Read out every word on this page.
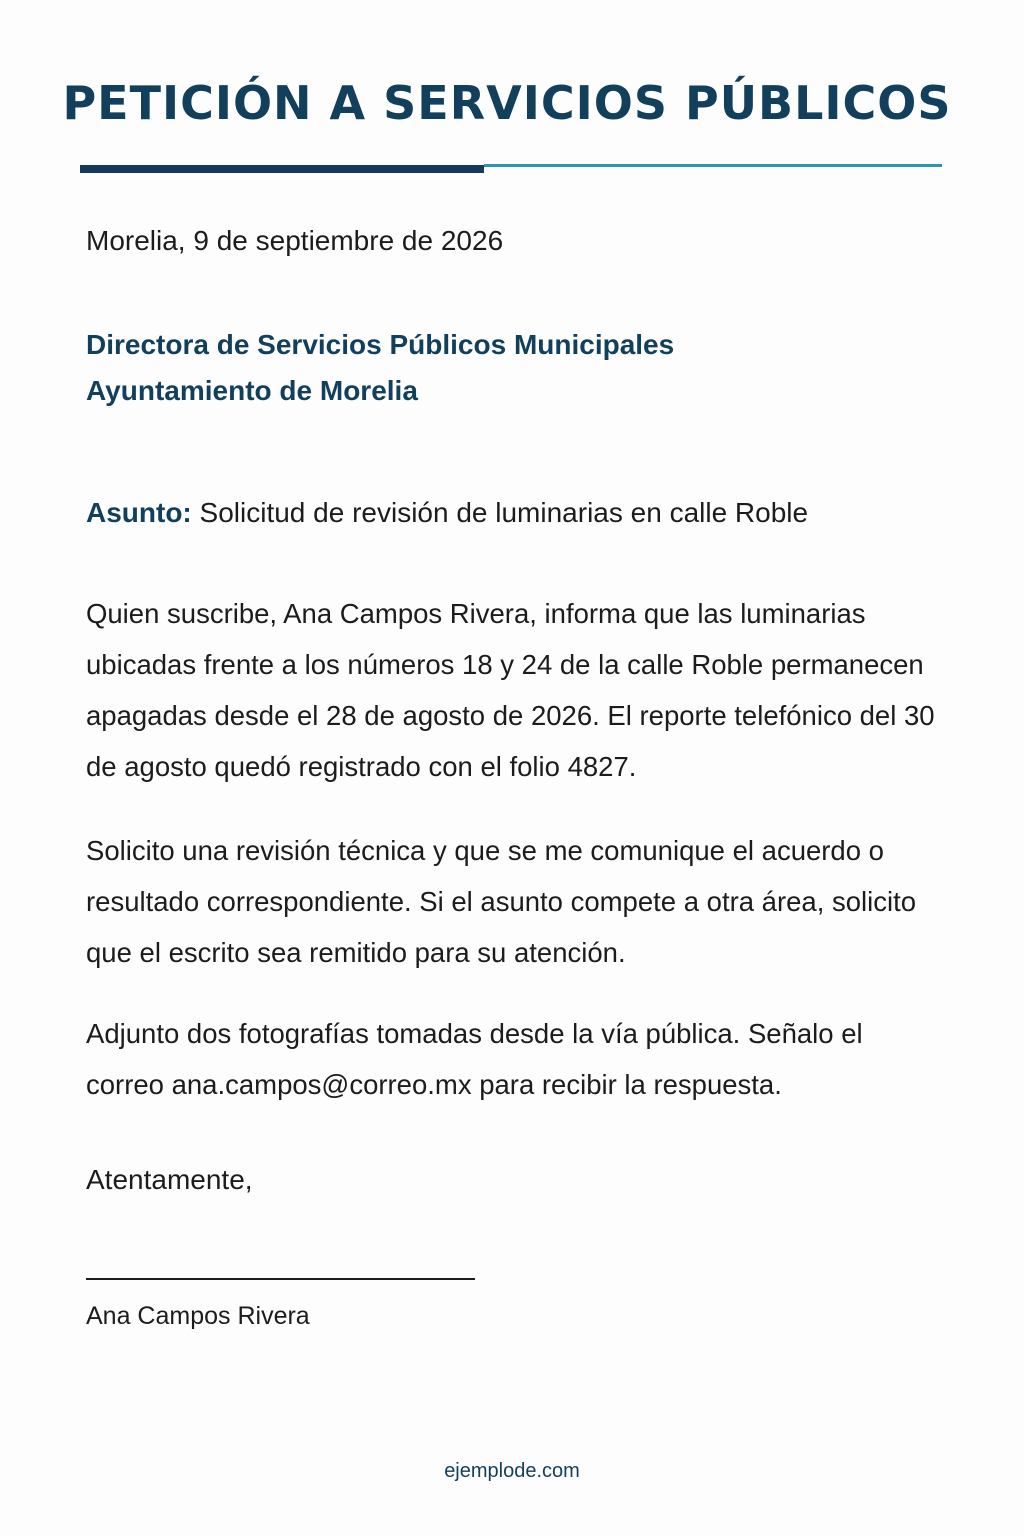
PETICIÓN A SERVICIOS PÚBLICOS

Morelia, 9 de septiembre de 2026

Directora de Servicios Públicos Municipales
Ayuntamiento de Morelia

Asunto: Solicitud de revisión de luminarias en calle Roble

Quien suscribe, Ana Campos Rivera, informa que las luminarias ubicadas frente a los números 18 y 24 de la calle Roble permanecen apagadas desde el 28 de agosto de 2026. El reporte telefónico del 30 de agosto quedó registrado con el folio 4827.

Solicito una revisión técnica y que se me comunique el acuerdo o resultado correspondiente. Si el asunto compete a otra área, solicito que el escrito sea remitido para su atención.

Adjunto dos fotografías tomadas desde la vía pública. Señalo el correo ana.campos@correo.mx para recibir la respuesta.

Atentamente,

Ana Campos Rivera

ejemplode.com
